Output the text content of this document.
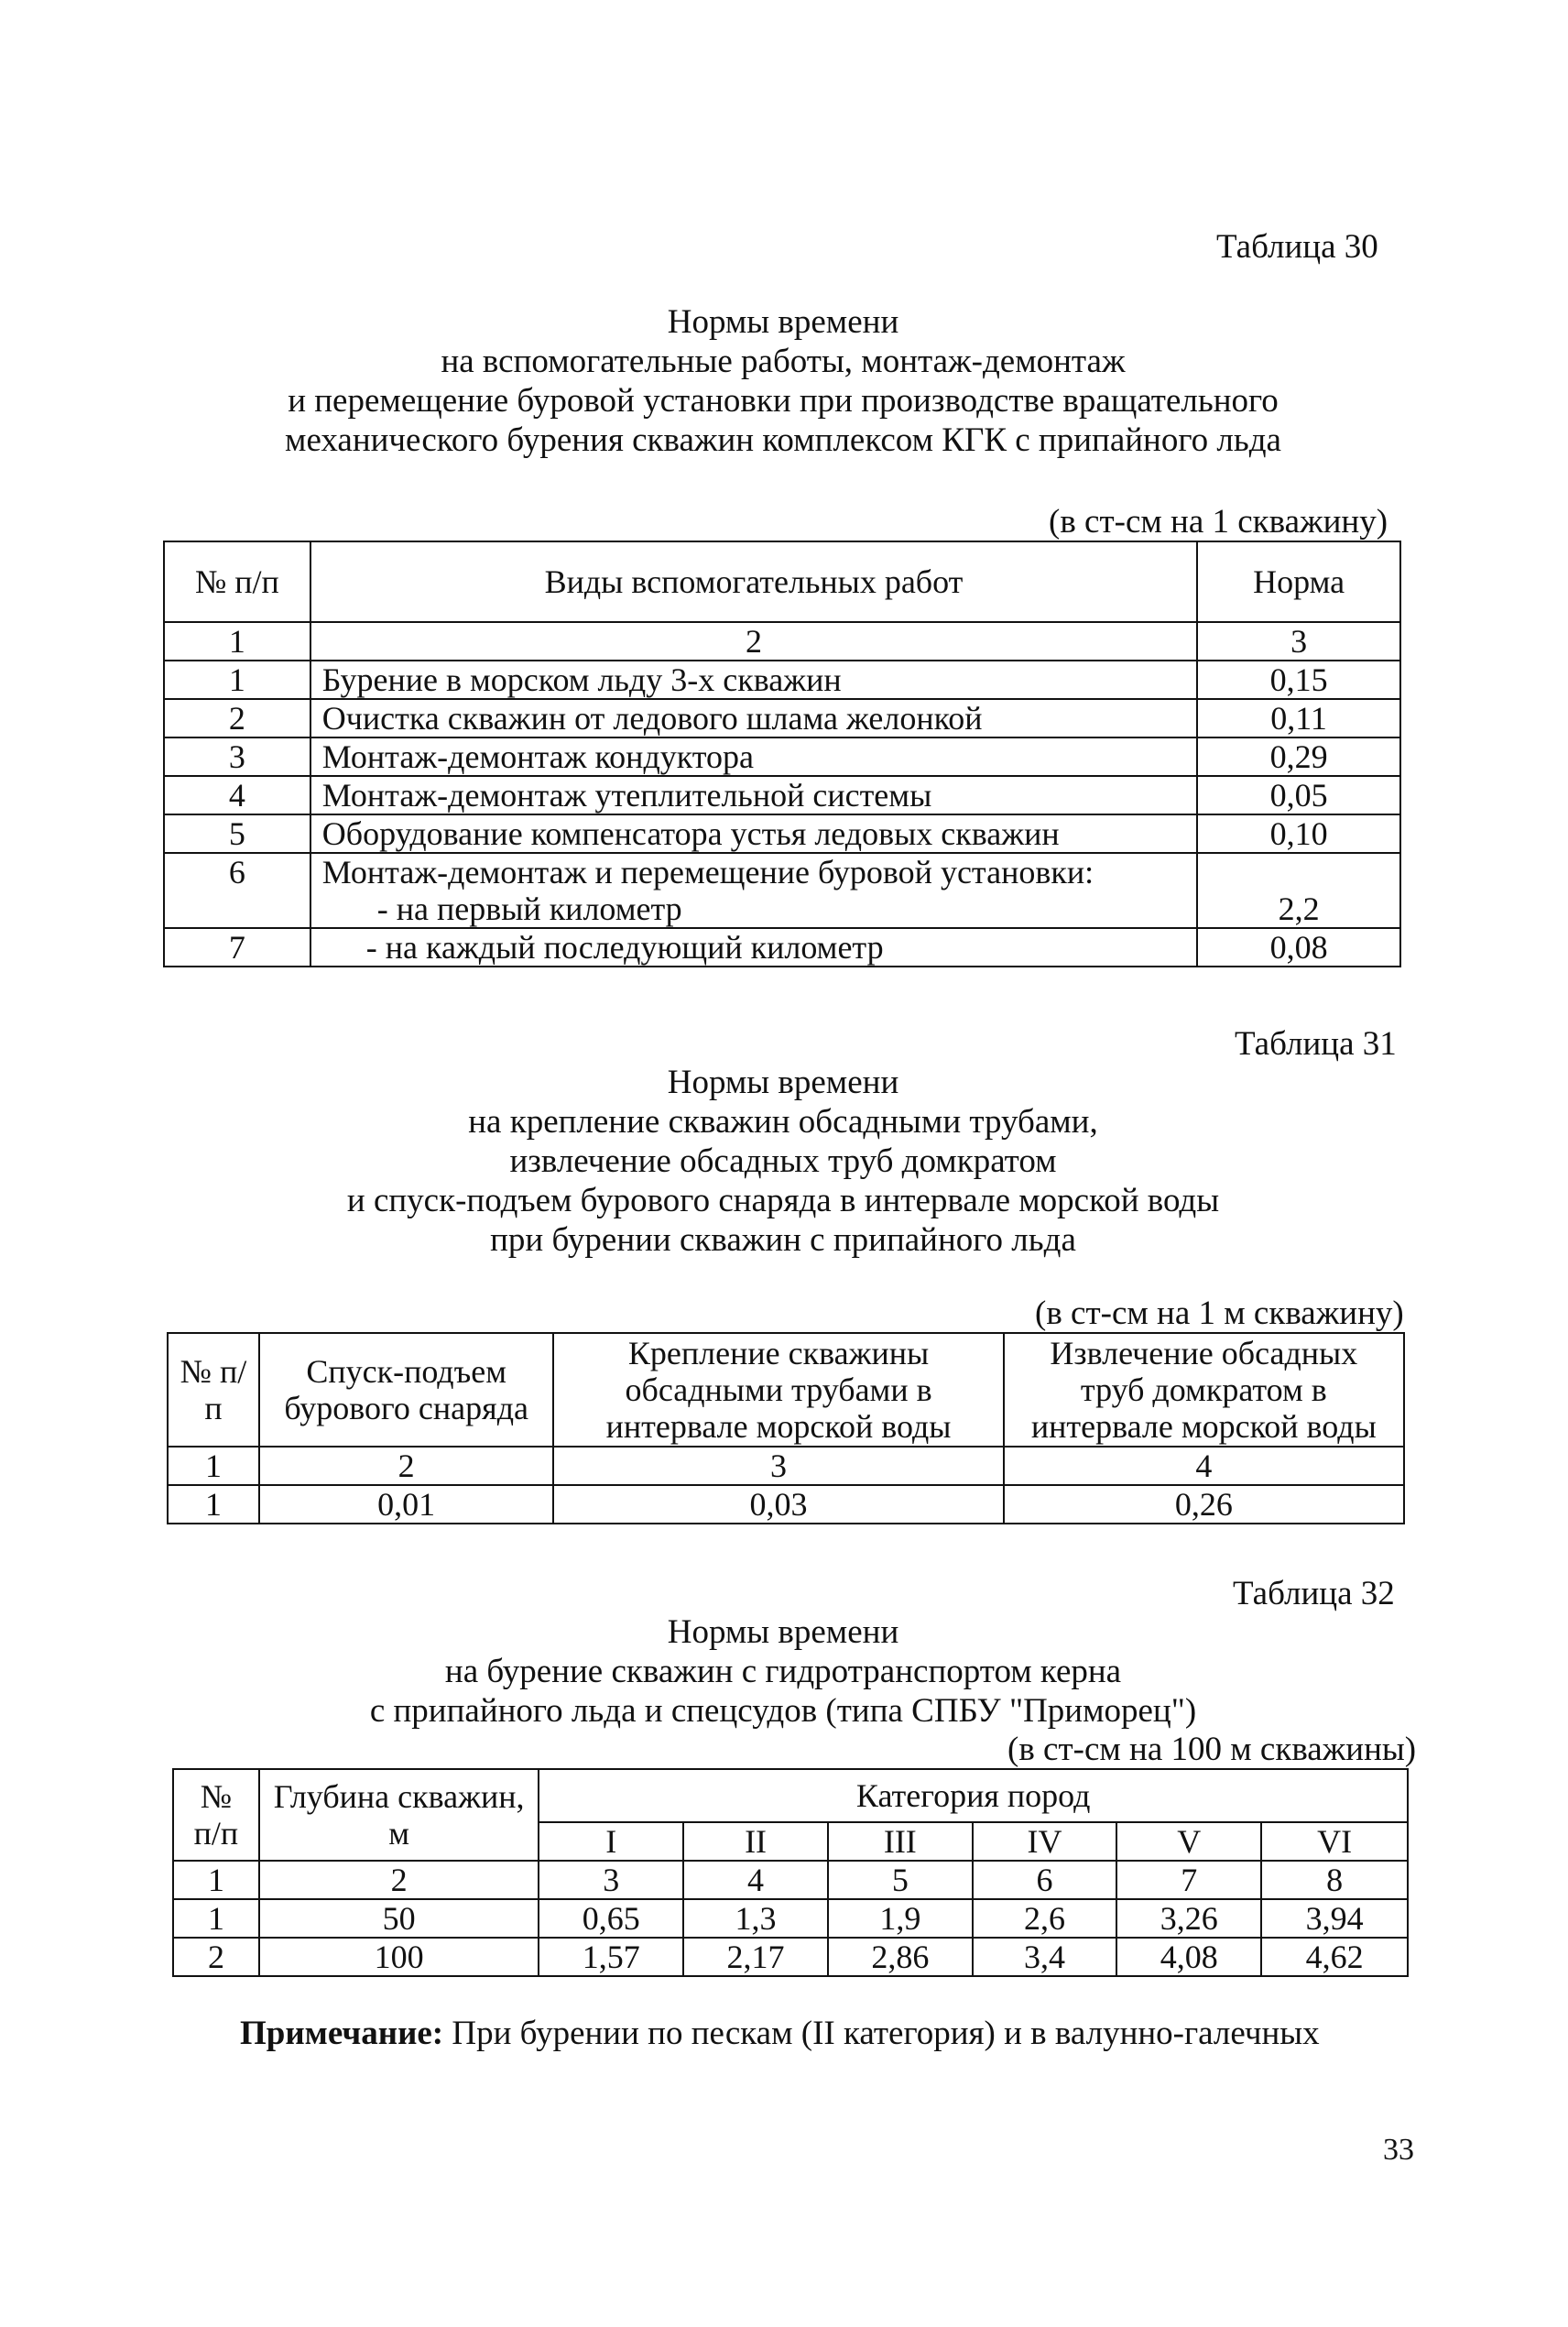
Таблица 30
Нормы времени
на вспомогательные работы, монтаж-демонтаж
и перемещение буровой установки при производстве вращательного
механического бурения скважин комплексом КГК с припайного льда
(в ст-см на 1 скважину)
№ п/п	Виды вспомогательных работ	Норма
1	2	3
1	Бурение в морском льду 3-х скважин	0,15
2	Очистка скважин от ледового шлама желонкой	0,11
3	Монтаж-демонтаж кондуктора	0,29
4	Монтаж-демонтаж утеплительной системы	0,05
5	Оборудование компенсатора устья ледовых скважин	0,10
6	Монтаж-демонтаж и перемещение буровой установки:
- на первый километр	2,2
7	- на каждый последующий километр	0,08
Таблица 31
Нормы времени
на крепление скважин обсадными трубами,
извлечение обсадных труб домкратом
и спуск-подъем бурового снаряда в интервале морской воды
при бурении скважин с припайного льда
(в ст-см на 1 м скважину)
№ п/п	Спуск-подъем бурового снаряда	Крепление скважины обсадными трубами в интервале морской воды	Извлечение обсадных труб домкратом в интервале морской воды
1	2	3	4
1	0,01	0,03	0,26
Таблица 32
Нормы времени
на бурение скважин с гидротранспортом керна
с припайного льда и спецсудов (типа СПБУ "Приморец")
(в ст-см на 100 м скважины)
№ п/п	Глубина скважин, м	Категория пород					
		I	II	III	IV	V	VI
1	2	3	4	5	6	7	8
1	50	0,65	1,3	1,9	2,6	3,26	3,94
2	100	1,57	2,17	2,86	3,4	4,08	4,62
Примечание: При бурении по пескам (II категория) и в валунно-галечных
33
